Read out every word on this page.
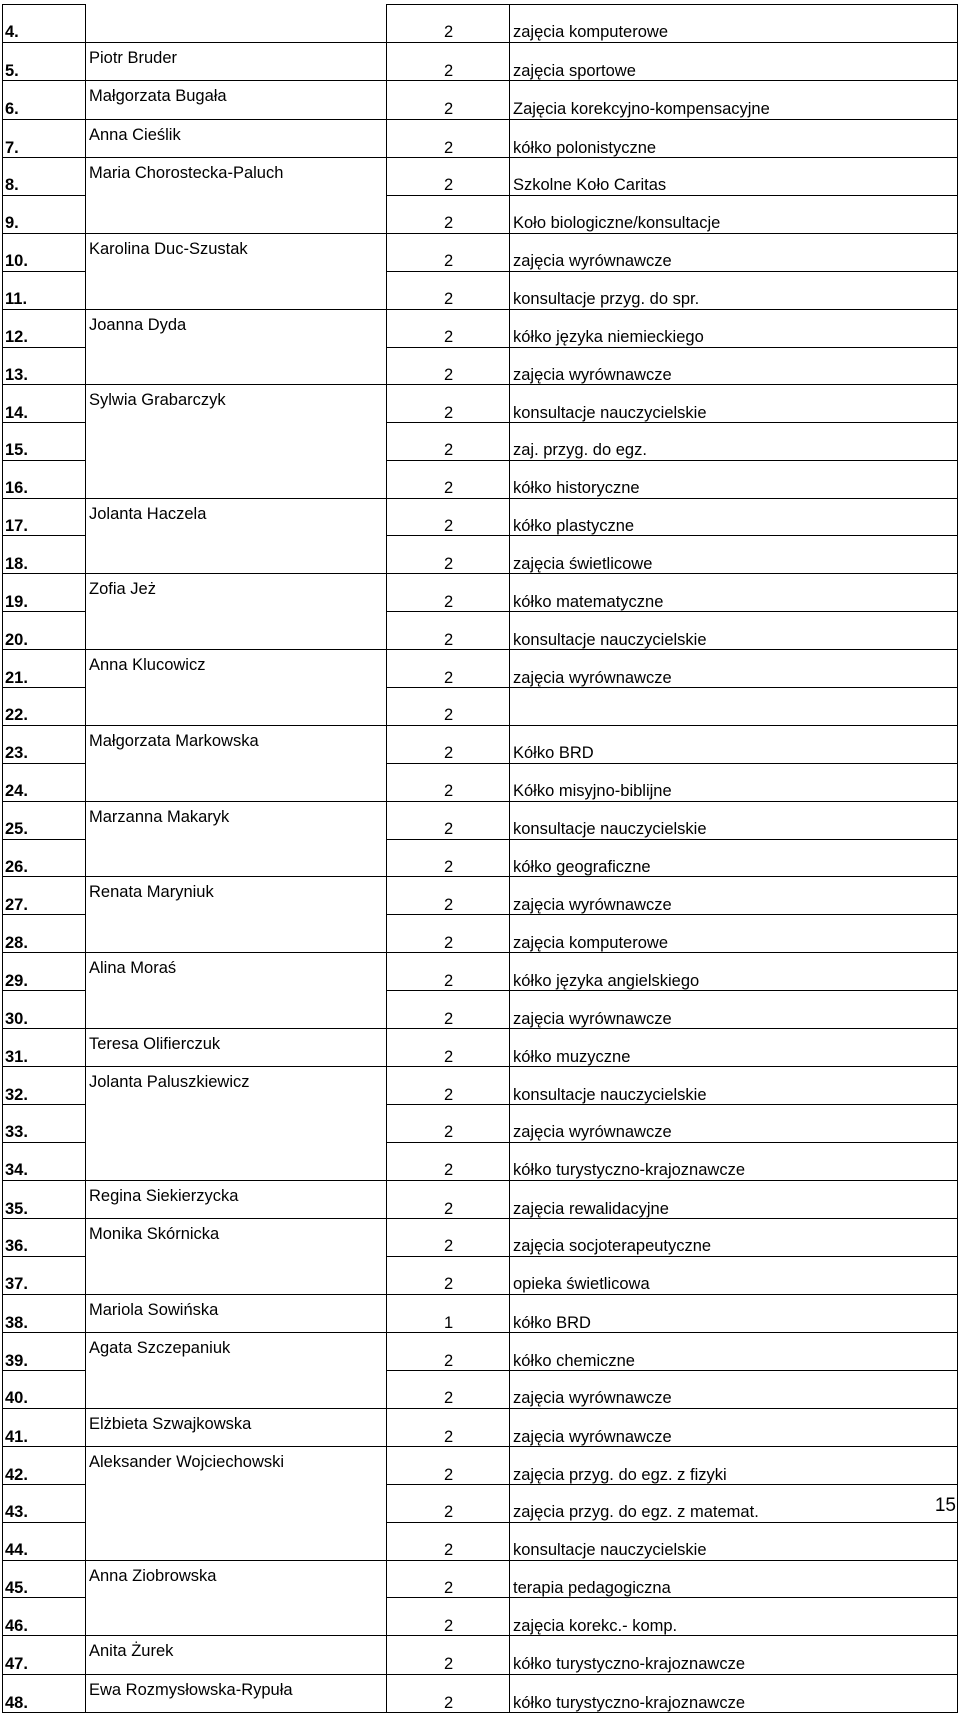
4.		2	zajęcia komputerowe
5.	Piotr Bruder	2	zajęcia sportowe
6.	Małgorzata Bugała	2	Zajęcia korekcyjno-kompensacyjne
7.	Anna Cieślik	2	kółko polonistyczne
8.	Maria Chorostecka-Paluch	2	Szkolne Koło Caritas
9.		2	Koło biologiczne/konsultacje
10.	Karolina Duc-Szustak	2	zajęcia wyrównawcze
11.		2	konsultacje przyg. do spr.
12.	Joanna Dyda	2	kółko języka niemieckiego
13.		2	zajęcia wyrównawcze
14.	Sylwia Grabarczyk	2	konsultacje nauczycielskie
15.		2	zaj. przyg. do egz.
16.		2	kółko historyczne
17.	Jolanta Haczela	2	kółko plastyczne
18.		2	zajęcia świetlicowe
19.	Zofia Jeż	2	kółko matematyczne
20.		2	konsultacje nauczycielskie
21.	Anna Klucowicz	2	zajęcia wyrównawcze
22.		2	
23.	Małgorzata Markowska	2	Kółko BRD
24.		2	Kółko misyjno-biblijne
25.	Marzanna Makaryk	2	konsultacje nauczycielskie
26.		2	kółko geograficzne
27.	Renata Maryniuk	2	zajęcia wyrównawcze
28.		2	zajęcia komputerowe
29.	Alina Moraś	2	kółko języka angielskiego
30.		2	zajęcia wyrównawcze
31.	Teresa Olifierczuk	2	kółko muzyczne
32.	Jolanta Paluszkiewicz	2	konsultacje nauczycielskie
33.		2	zajęcia wyrównawcze
34.		2	kółko turystyczno-krajoznawcze
35.	Regina Siekierzycka	2	zajęcia rewalidacyjne
36.	Monika Skórnicka	2	zajęcia socjoterapeutyczne
37.		2	opieka świetlicowa
38.	Mariola Sowińska	1	kółko BRD
39.	Agata Szczepaniuk	2	kółko chemiczne
40.		2	zajęcia wyrównawcze
41.	Elżbieta Szwajkowska	2	zajęcia wyrównawcze
42.	Aleksander Wojciechowski	2	zajęcia przyg. do egz. z fizyki
43.		2	zajęcia przyg. do egz. z matemat.
44.		2	konsultacje nauczycielskie
45.	Anna Ziobrowska	2	terapia pedagogiczna
46.		2	zajęcia korekc.- komp.
47.	Anita Żurek	2	kółko turystyczno-krajoznawcze
48.	Ewa Rozmysłowska-Rypuła	2	kółko turystyczno-krajoznawcze
15
